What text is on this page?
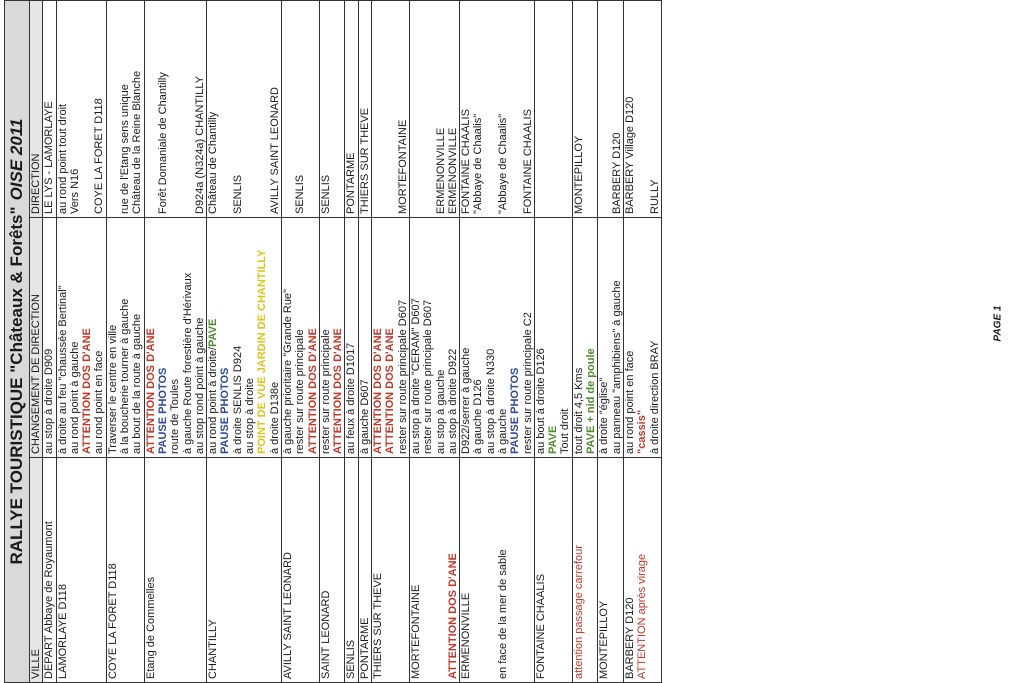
RALLYE TOURISTIQUE "Châteaux & Forêts"
OISE 2011
VILLE
CHANGEMENT DE DIRECTION
DIRECTION
DEPART Abbaye de Royaumont
au stop à droite D909
LE LYS - LAMORLAYE
LAMORLAYE D118
à droite au feu "chaussée Bertinal" au rond point à gauche ATTENTION DOS D'ANE au rond point en face
au rond point tout droit Vers N16 COYE LA FORET D118
COYE LA FORET D118
Traverser le centre en ville à la boucherie tourner à gauche au bout de la route à gauche
rue de l'Etang sens unique Château de la Reine Blanche
Etang de Commelles
ATTENTION DOS D'ANE PAUSE PHOTOS route de Toules à gauche Route forestière d'Hérivaux au stop rond point à gauche
Forêt Domaniale de Chantilly D924a (N324a) CHANTILLY
CHANTILLY
au rond point à droite/PAVE
PAUSE PHOTOS à droite SENLIS D924 au stop à droite POINT DE VUE JARDIN DE CHANTILLY à droite D138e
Château de Chantilly SENLIS AVILLY SAINT LEONARD
AVILLY SAINT LEONARD
à gauche prioritaire "Grande Rue" rester sur route principale ATTENTION DOS D'ANE
SENLIS
SAINT LEONARD
rester sur route principale ATTENTION DOS D'ANE
SENLIS
SENLIS
au feux à droite D1017
PONTARME
PONTARME
à gauche D607
THIERS SUR THEVE
THIERS SUR THEVE
ATTENTION DOS D'ANE ATTENTION DOS D'ANE rester sur route principale D607
MORTEFONTAINE
MORTEFONTAINE ATTENTION DOS D'ANE
au stop à droite "CERAM" D607 rester sur route principale D607 au stop à gauche au stop à droite D922
ERMENONVILLE ERMENONVILLE
ERMENONVILLE en face de la mer de sable
D922/serrer à gauche à gauche D126 au stop à droite N330 à gauche PAUSE PHOTOS rester sur route principale C2
FONTAINE CHAALIS "Abbaye de Chaalis" "Abbaye de Chaalis" FONTAINE CHAALIS
FONTAINE CHAALIS
au bout à droite D126 PAVE Tout droit
attention passage carrefour
tout droit 4,5 Kms PAVE + nid de poule
MONTEPILLOY
MONTEPILLOY
à droite "église" au panneau "amphibiens" à gauche
BARBERY D120
BARBERY D120 ATTENTION après virage
au rond point en face "cassis" à droite direction BRAY
BARBERY Village D120 RULLY
PAGE 1
